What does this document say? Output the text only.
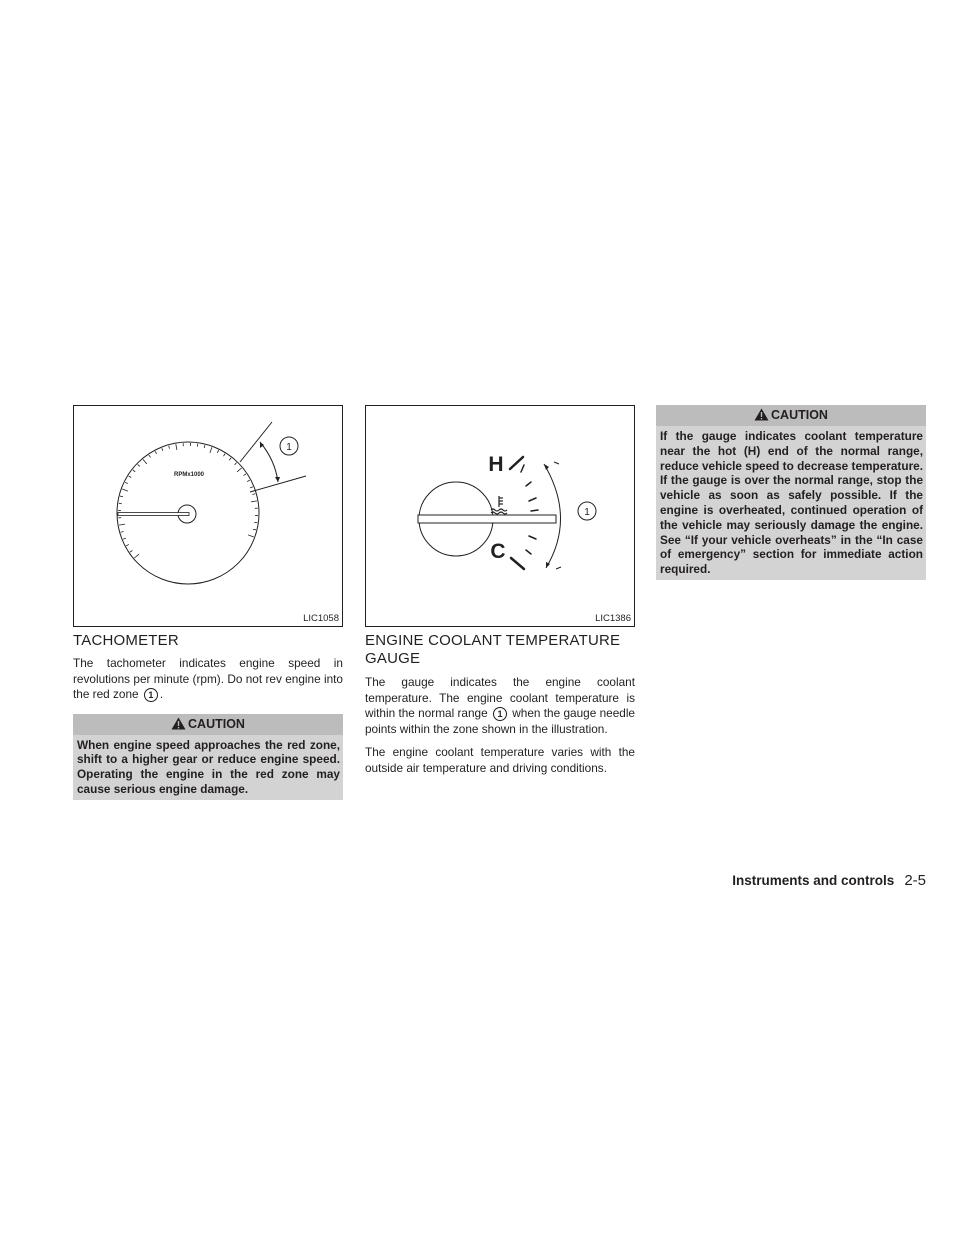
RPMx1000
1
LIC1058
TACHOMETER

The tachometer indicates engine speed in revolutions per minute (rpm). Do not rev engine into the red zone 1 .

CAUTION
When engine speed approaches the red zone, shift to a higher gear or reduce engine speed. Operating the engine in the red zone may cause serious engine damage.
H
C
1
LIC1386
ENGINE COOLANT TEMPERATURE GAUGE

The gauge indicates the engine coolant temperature. The engine coolant temperature is within the normal range 1 when the gauge needle points within the zone shown in the illustration.

The engine coolant temperature varies with the outside air temperature and driving conditions.

CAUTION
If the gauge indicates coolant temperature near the hot (H) end of the normal range, reduce vehicle speed to decrease temperature. If the gauge is over the normal range, stop the vehicle as soon as safely possible. If the engine is overheated, continued operation of the vehicle may seriously damage the engine. See “If your vehicle overheats” in the “In case of emergency” section for immediate action required.
Instruments and controls 2-5
